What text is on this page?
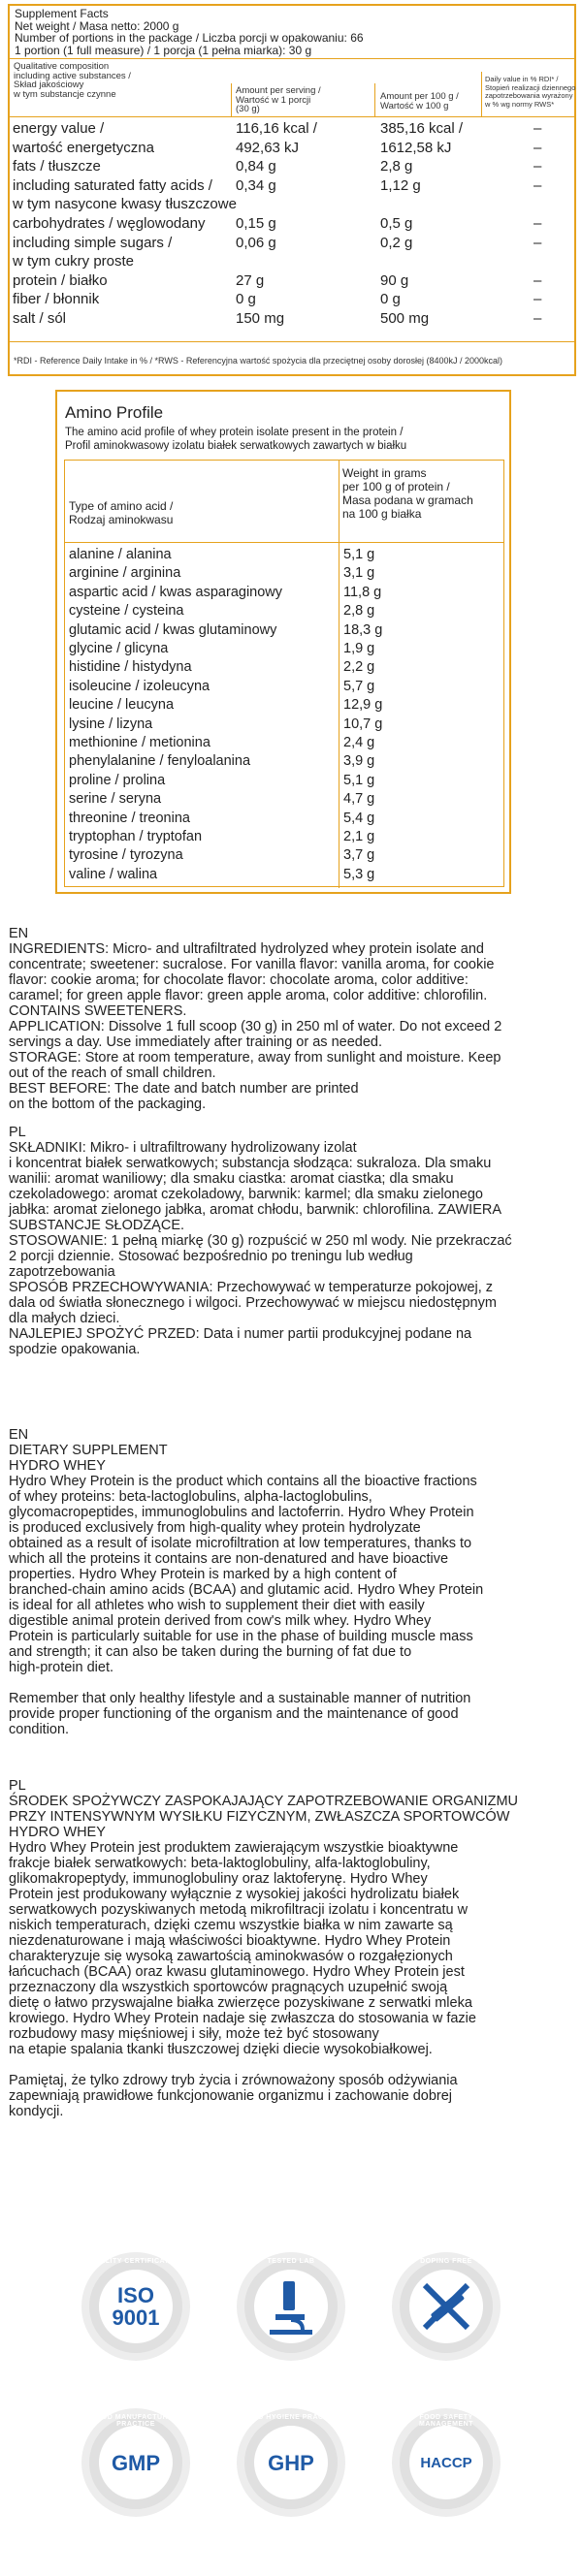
Supplement Facts
Net weight / Masa netto: 2000 g
Number of portions in the package / Liczba porcji w opakowaniu: 66
1 portion (1 full measure) / 1 porcja (1 pełna miarka): 30 g
Qualitative composition
including active substances /
Skład jakościowy
w tym substancje czynne	Amount per serving /
Wartość w 1 porcji
(30 g)
Amount per 100 g /
Wartość w 100 g
Daily value in % RDI* /
Stopień realizacji dziennego
zapotrzebowania wyrażony
w % wg normy RWS*
energy value /	116,16 kcal /	385,16 kcal /	–
wartość energetyczna	492,63 kJ	1612,58 kJ	–
fats / tłuszcze	0,84 g	2,8 g	–
including saturated fatty acids / 0,34 g	1,12 g	–
w tym nasycone kwasy tłuszczowe
carbohydrates / węglowodany 0,15 g	0,5 g	–
including simple sugars /	0,06 g	0,2 g	–
w tym cukry proste
protein / białko	27 g	90 g	–
fiber / błonnik	0 g	0 g	–
salt / sól	150 mg	500 mg	–
*RDI - Reference Daily Intake in % / *RWS - Referencyjna wartość spożycia dla przeciętnej osoby dorosłej (8400kJ / 2000kcal)
Amino Profile
The amino acid profile of whey protein isolate present in the protein /
Profil aminokwasowy izolatu białek serwatkowych zawartych w białku
Type of amino acid /
Rodzaj aminokwasu
Weight in grams
per 100 g of protein /
Masa podana w gramach
na 100 g białka
alanine / alanina	5,1 g
arginine / arginina	3,1 g
aspartic acid / kwas asparaginowy	11,8 g
cysteine / cysteina	2,8 g
glutamic acid / kwas glutaminowy	18,3 g
glycine / glicyna	1,9 g
histidine / histydyna	2,2 g
isoleucine / izoleucyna	5,7 g
leucine / leucyna	12,9 g
lysine / lizyna	10,7 g
methionine / metionina	2,4 g
phenylalanine / fenyloalanina	3,9 g
proline / prolina	5,1 g
serine / seryna	4,7 g
threonine / treonina	5,4 g
tryptophan / tryptofan	2,1 g
tyrosine / tyrozyna	3,7 g
valine / walina	5,3 g
EN
INGREDIENTS: Micro- and ultrafiltrated hydrolyzed whey protein isolate and
concentrate; sweetener: sucralose. For vanilla flavor: vanilla aroma, for cookie
flavor: cookie aroma; for chocolate flavor: chocolate aroma, color additive:
caramel; for green apple flavor: green apple aroma, color additive: chlorofilin.
CONTAINS SWEETENERS.
APPLICATION: Dissolve 1 full scoop (30 g) in 250 ml of water. Do not exceed 2
servings a day. Use immediately after training or as needed.
STORAGE: Store at room temperature, away from sunlight and moisture. Keep
out of the reach of small children.
BEST BEFORE: The date and batch number are printed
on the bottom of the packaging.
PL
SKŁADNIKI: Mikro- i ultrafiltrowany hydrolizowany izolat
i koncentrat białek serwatkowych; substancja słodząca: sukraloza. Dla smaku
wanilii: aromat waniliowy; dla smaku ciastka: aromat ciastka; dla smaku
czekoladowego: aromat czekoladowy, barwnik: karmel; dla smaku zielonego
jabłka: aromat zielonego jabłka, aromat chłodu, barwnik: chlorofilina. ZAWIERA
SUBSTANCJE SŁODZĄCE.
STOSOWANIE: 1 pełną miarkę (30 g) rozpuścić w 250 ml wody. Nie przekraczać
2 porcji dziennie. Stosować bezpośrednio po treningu lub według
zapotrzebowania
SPOSÓB PRZECHOWYWANIA: Przechowywać w temperaturze pokojowej, z
dala od światła słonecznego i wilgoci. Przechowywać w miejscu niedostępnym
dla małych dzieci.
NAJLEPIEJ SPOŻYĆ PRZED: Data i numer partii produkcyjnej podane na
spodzie opakowania.
EN
DIETARY SUPPLEMENT
HYDRO WHEY
Hydro Whey Protein is the product which contains all the bioactive fractions
of whey proteins: beta-lactoglobulins, alpha-lactoglobulins,
glycomacropeptides, immunoglobulins and lactoferrin. Hydro Whey Protein
is produced exclusively from high-quality whey protein hydrolyzate
obtained as a result of isolate microfiltration at low temperatures, thanks to
which all the proteins it contains are non-denatured and have bioactive
properties. Hydro Whey Protein is marked by a high content of
branched-chain amino acids (BCAA) and glutamic acid. Hydro Whey Protein
is ideal for all athletes who wish to supplement their diet with easily
digestible animal protein derived from cow's milk whey. Hydro Whey
Protein is particularly suitable for use in the phase of building muscle mass
and strength; it can also be taken during the burning of fat due to
high-protein diet.

Remember that only healthy lifestyle and a sustainable manner of nutrition
provide proper functioning of the organism and the maintenance of good
condition.
PL
ŚRODEK SPOŻYWCZY ZASPOKAJAJĄCY ZAPOTRZEBOWANIE ORGANIZMU
PRZY INTENSYWNYM WYSIŁKU FIZYCZNYM, ZWŁASZCZA SPORTOWCÓW
HYDRO WHEY
Hydro Whey Protein jest produktem zawierającym wszystkie bioaktywne
frakcje białek serwatkowych: beta-laktoglobuliny, alfa-laktoglobuliny,
glikomakropeptydy, immunoglobuliny oraz laktoferynę. Hydro Whey
Protein jest produkowany wyłącznie z wysokiej jakości hydrolizatu białek
serwatkowych pozyskiwanych metodą mikrofiltracji izolatu i koncentratu w
niskich temperaturach, dzięki czemu wszystkie białka w nim zawarte są
niezdenaturowane i mają właściwości bioaktywne. Hydro Whey Protein
charakteryzuje się wysoką zawartością aminokwasów o rozgałęzionych
łańcuchach (BCAA) oraz kwasu glutaminowego. Hydro Whey Protein jest
przeznaczony dla wszystkich sportowców pragnących uzupełnić swoją
dietę o łatwo przyswajalne białka zwierzęce pozyskiwane z serwatki mleka
krowiego. Hydro Whey Protein nadaje się zwłaszcza do stosowania w fazie
rozbudowy masy mięśniowej i siły, może też być stosowany
na etapie spalania tkanki tłuszczowej dzięki diecie wysokobiałkowej.

Pamiętaj, że tylko zdrowy tryb życia i zrównoważony sposób odżywiania
zapewniają prawidłowe funkcjonowanie organizmu i zachowanie dobrej
kondycji.
QUALITY CERTIFICATION
ISO
9001
TESTED LAB	DOPING FREE
GOOD MANUFACTURING PRACTICE
GMP
GOOD HYGIENE PRACTICE
GHP
FOOD SAFETY MANAGEMENT
HACCP
